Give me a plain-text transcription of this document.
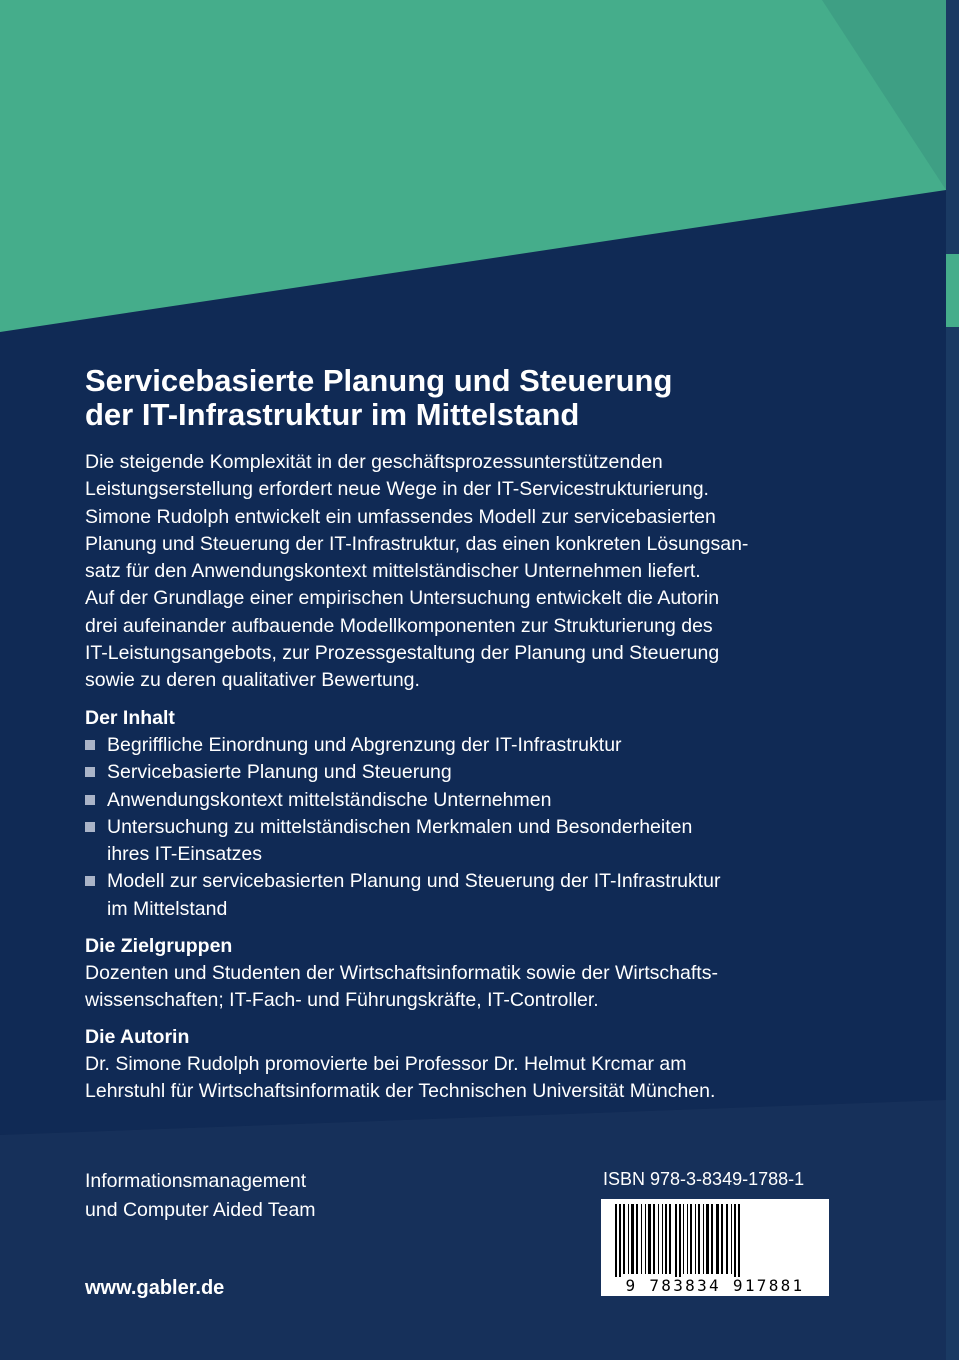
Servicebasierte Planung und Steuerung
der IT-Infrastruktur im Mittelstand

Die steigende Komplexität in der geschäftsprozessunterstützenden
Leistungserstellung erfordert neue Wege in der IT-Servicestrukturierung.
Simone Rudolph entwickelt ein umfassendes Modell zur servicebasierten
Planung und Steuerung der IT-Infrastruktur, das einen konkreten Lösungsan-
satz für den Anwendungskontext mittelständischer Unternehmen liefert.
Auf der Grundlage einer empirischen Untersuchung entwickelt die Autorin
drei aufeinander aufbauende Modellkomponenten zur Strukturierung des
IT-Leistungsangebots, zur Prozessgestaltung der Planung und Steuerung
sowie zu deren qualitativer Bewertung.

Der Inhalt
Begriffliche Einordnung und Abgrenzung der IT-Infrastruktur
Servicebasierte Planung und Steuerung
Anwendungskontext mittelständische Unternehmen
Untersuchung zu mittelständischen Merkmalen und Besonderheiten
ihres IT-Einsatzes
Modell zur servicebasierten Planung und Steuerung der IT-Infrastruktur
im Mittelstand
Die Zielgruppen

Dozenten und Studenten der Wirtschaftsinformatik sowie der Wirtschafts-
wissenschaften; IT-Fach- und Führungskräfte, IT-Controller.

Die Autorin

Dr. Simone Rudolph promovierte bei Professor Dr. Helmut Krcmar am
Lehrstuhl für Wirtschaftsinformatik der Technischen Universität München.

Informationsmanagement
und Computer Aided Team

ISBN 978-3-8349-1788-1
9 783834 917881
www.gabler.de
